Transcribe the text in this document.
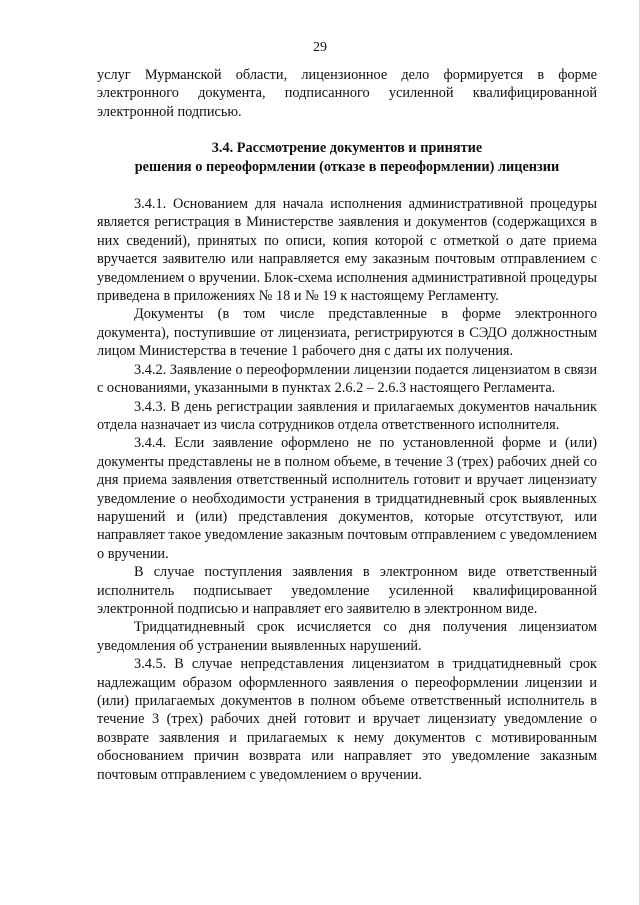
29

услуг Мурманской области, лицензионное дело формируется в форме электронного документа, подписанного усиленной квалифицированной электронной подписью.

3.4. Рассмотрение документов и принятие
решения о переоформлении (отказе в переоформлении) лицензии

3.4.1. Основанием для начала исполнения административной процедуры является регистрация в Министерстве заявления и документов (содержащихся в них сведений), принятых по описи, копия которой с отметкой о дате приема вручается заявителю или направляется ему заказным почтовым отправлением с уведомлением о вручении. Блок-схема исполнения административной процедуры приведена в приложениях № 18 и № 19 к настоящему Регламенту.

Документы (в том числе представленные в форме электронного документа), поступившие от лицензиата, регистрируются в СЭДО должностным лицом Министерства в течение 1 рабочего дня с даты их получения.

3.4.2. Заявление о переоформлении лицензии подается лицензиатом в связи с основаниями, указанными в пунктах 2.6.2 – 2.6.3 настоящего Регламента.

3.4.3. В день регистрации заявления и прилагаемых документов начальник отдела назначает из числа сотрудников отдела ответственного исполнителя.

3.4.4. Если заявление оформлено не по установленной форме и (или) документы представлены не в полном объеме, в течение 3 (трех) рабочих дней со дня приема заявления ответственный исполнитель готовит и вручает лицензиату уведомление о необходимости устранения в тридцатидневный срок выявленных нарушений и (или) представления документов, которые отсутствуют, или направляет такое уведомление заказным почтовым отправлением с уведомлением о вручении.

В случае поступления заявления в электронном виде ответственный исполнитель подписывает уведомление усиленной квалифицированной электронной подписью и направляет его заявителю в электронном виде.

Тридцатидневный срок исчисляется со дня получения лицензиатом уведомления об устранении выявленных нарушений.

3.4.5. В случае непредставления лицензиатом в тридцатидневный срок надлежащим образом оформленного заявления о переоформлении лицензии и (или) прилагаемых документов в полном объеме ответственный исполнитель в течение 3 (трех) рабочих дней готовит и вручает лицензиату уведомление о возврате заявления и прилагаемых к нему документов с мотивированным обоснованием причин возврата или направляет это уведомление заказным почтовым отправлением с уведомлением о вручении.
